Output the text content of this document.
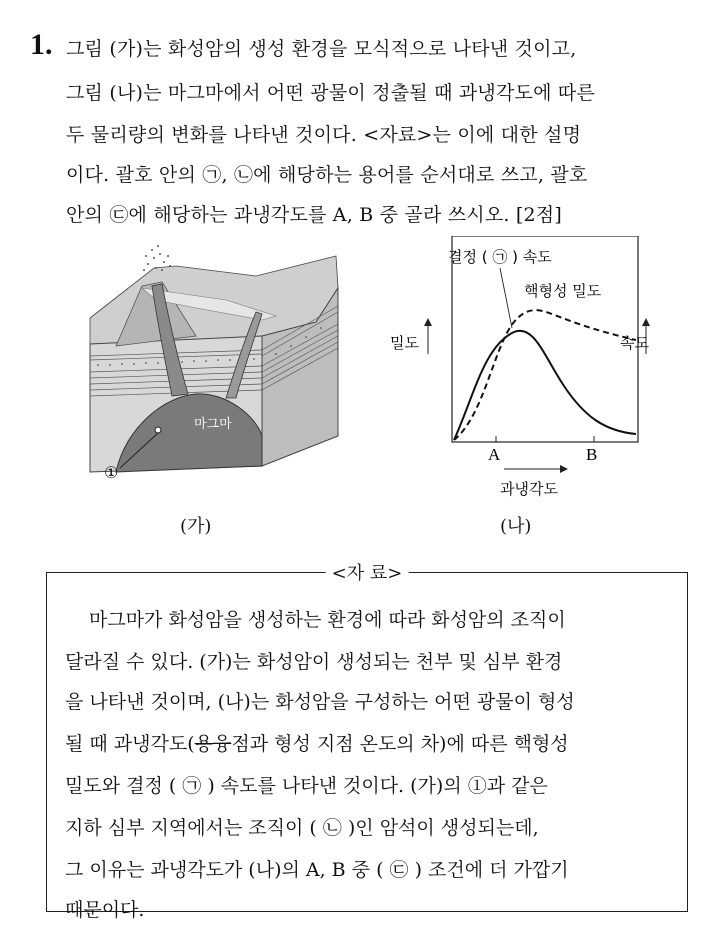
1. 그림 (가)는 화성암의 생성 환경을 모식적으로 나타낸 것이고,
그림 (나)는 마그마에서 어떤 광물이 정출될 때 과냉각도에 따른
두 물리량의 변화를 나타낸 것이다. <자료>는 이에 대한 설명
이다. 괄호 안의 ㉠, ㉡에 해당하는 용어를 순서대로 쓰고, 괄호
안의 ㉢에 해당하는 과냉각도를 A, B 중 골라 쓰시오. [2점]
마그마
①
(가)
A	B
과냉각도
밀도	속도
결정 ( ㉠ ) 속도
핵형성 밀도
(나)
<자 료>
마그마가 화성암을 생성하는 환경에 따라 화성암의 조직이
달라질 수 있다. (가)는 화성암이 생성되는 천부 및 심부 환경
을 나타낸 것이며, (나)는 화성암을 구성하는 어떤 광물이 형성
될 때 과냉각도(용융점과 형성 지점 온도의 차)에 따른 핵형성
밀도와 결정 ( ㉠ ) 속도를 나타낸 것이다. (가)의 ①과 같은
지하 심부 지역에서는 조직이 ( ㉡ )인 암석이 생성되는데,
그 이유는 과냉각도가 (나)의 A, B 중 ( ㉢ ) 조건에 더 가깝기
때문이다.
